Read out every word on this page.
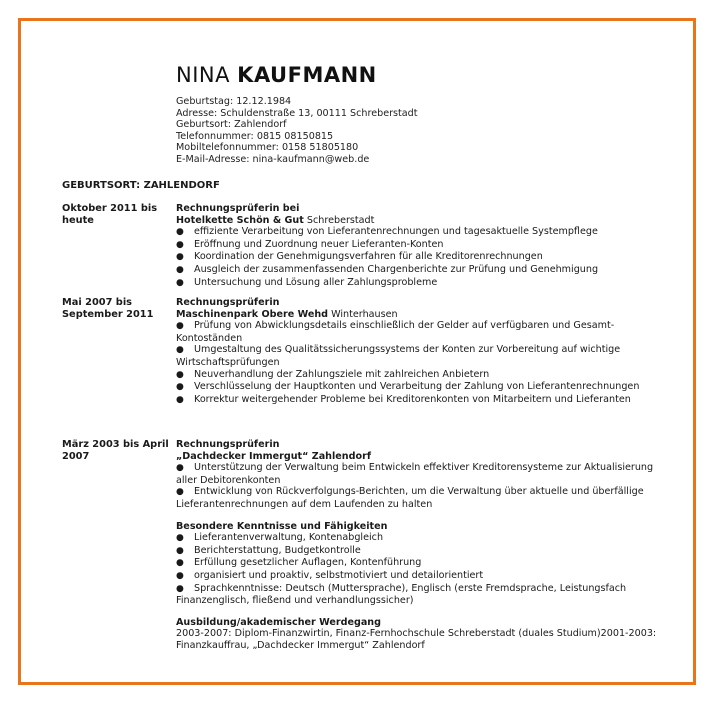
NINA KAUFMANN
Geburtstag: 12.12.1984
Adresse: Schuldenstraße 13, 00111 Schreberstadt
Geburtsort: Zahlendorf
Telefonnummer: 0815 08150815
Mobiltelefonnummer: 0158 51805180
E-Mail-Adresse: nina-kaufmann@web.de
GEBURTSORT: ZAHLENDORF
Oktober 2011 bis heute
Rechnungsprüferin bei
Hotelkette Schön & Gut Schreberstadt
● effiziente Verarbeitung von Lieferantenrechnungen und tagesaktuelle Systempflege
● Eröffnung und Zuordnung neuer Lieferanten-Konten
● Koordination der Genehmigungsverfahren für alle Kreditorenrechnungen
● Ausgleich der zusammenfassenden Chargenberichte zur Prüfung und Genehmigung
● Untersuchung und Lösung aller Zahlungsprobleme
Mai 2007 bis September 2011
Rechnungsprüferin
Maschinenpark Obere Wehd Winterhausen
● Prüfung von Abwicklungsdetails einschließlich der Gelder auf verfügbaren und Gesamt-Kontoständen
● Umgestaltung des Qualitätssicherungssystems der Konten zur Vorbereitung auf wichtige Wirtschaftsprüfungen
● Neuverhandlung der Zahlungsziele mit zahlreichen Anbietern
● Verschlüsselung der Hauptkonten und Verarbeitung der Zahlung von Lieferantenrechnungen
● Korrektur weitergehender Probleme bei Kreditorenkonten von Mitarbeitern und Lieferanten
März 2003 bis April 2007
Rechnungsprüferin
„Dachdecker Immergut“ Zahlendorf
● Unterstützung der Verwaltung beim Entwickeln effektiver Kreditorensysteme zur Aktualisierung aller Debitorenkonten
● Entwicklung von Rückverfolgungs-Berichten, um die Verwaltung über aktuelle und überfällige Lieferantenrechnungen auf dem Laufenden zu halten
Besondere Kenntnisse und Fähigkeiten
● Lieferantenverwaltung, Kontenabgleich
● Berichterstattung, Budgetkontrolle
● Erfüllung gesetzlicher Auflagen, Kontenführung
● organisiert und proaktiv, selbstmotiviert und detailorientiert
● Sprachkenntnisse: Deutsch (Muttersprache), Englisch (erste Fremdsprache, Leistungsfach Finanzenglisch, fließend und verhandlungssicher)
Ausbildung/akademischer Werdegang
2003-2007: Diplom-Finanzwirtin, Finanz-Fernhochschule Schreberstadt (duales Studium)2001-2003: Finanzkauffrau, „Dachdecker Immergut“ Zahlendorf
